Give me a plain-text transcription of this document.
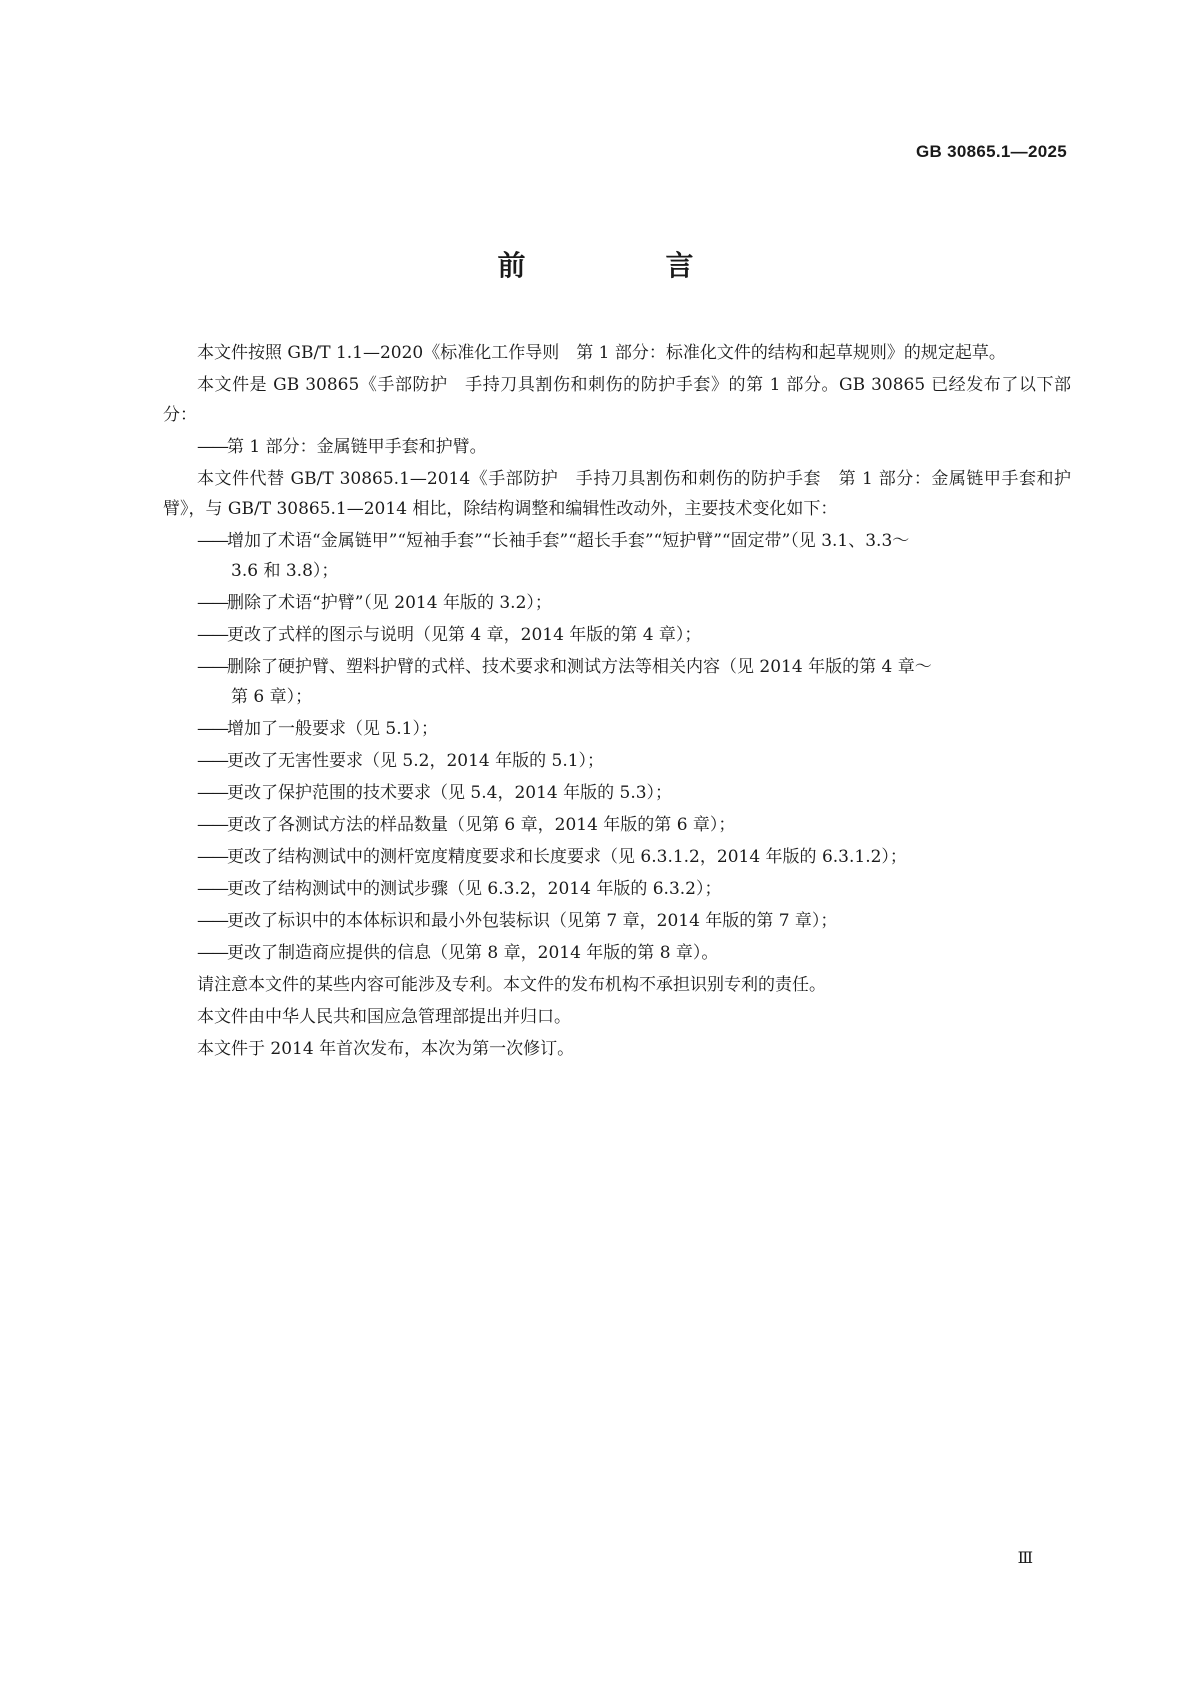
GB 30865.1—2025
前　言

本文件按照 GB/T 1.1—2020《标准化工作导则　第 1 部分：标准化文件的结构和起草规则》的规定起草。

本文件是 GB 30865《手部防护　手持刀具割伤和刺伤的防护手套》的第 1 部分。GB 30865 已经发布了以下部分：

——第 1 部分：金属链甲手套和护臂。

本文件代替 GB/T 30865.1—2014《手部防护　手持刀具割伤和刺伤的防护手套　第 1 部分：金属链甲手套和护臂》，与 GB/T 30865.1—2014 相比，除结构调整和编辑性改动外，主要技术变化如下：

——增加了术语“金属链甲”“短袖手套”“长袖手套”“超长手套”“短护臂”“固定带”（见 3.1、3.3～

3.6 和 3.8）；

——删除了术语“护臂”（见 2014 年版的 3.2）；

——更改了式样的图示与说明（见第 4 章，2014 年版的第 4 章）；

——删除了硬护臂、塑料护臂的式样、技术要求和测试方法等相关内容（见 2014 年版的第 4 章～

第 6 章）；

——增加了一般要求（见 5.1）；

——更改了无害性要求（见 5.2，2014 年版的 5.1）；

——更改了保护范围的技术要求（见 5.4，2014 年版的 5.3）；

——更改了各测试方法的样品数量（见第 6 章，2014 年版的第 6 章）；

——更改了结构测试中的测杆宽度精度要求和长度要求（见 6.3.1.2，2014 年版的 6.3.1.2）；

——更改了结构测试中的测试步骤（见 6.3.2，2014 年版的 6.3.2）；

——更改了标识中的本体标识和最小外包装标识（见第 7 章，2014 年版的第 7 章）；

——更改了制造商应提供的信息（见第 8 章，2014 年版的第 8 章）。

请注意本文件的某些内容可能涉及专利。本文件的发布机构不承担识别专利的责任。

本文件由中华人民共和国应急管理部提出并归口。

本文件于 2014 年首次发布，本次为第一次修订。

Ⅲ
